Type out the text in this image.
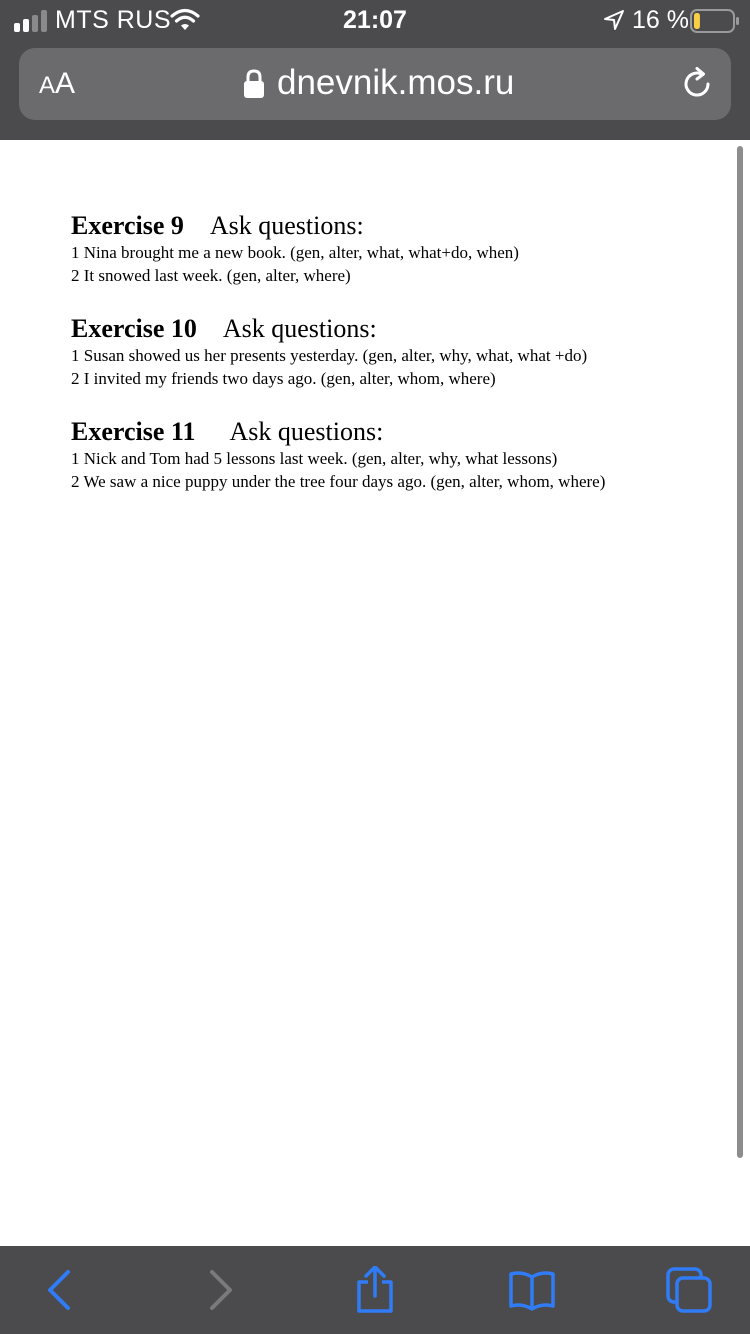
MTS RUS	21:07	16 %
AA	dnevnik.mos.ru
Exercise 9 Ask questions:
1 Nina brought me a new book. (gen, alter, what, what+do, when)
2 It snowed last week. (gen, alter, where)
Exercise 10 Ask questions:
1 Susan showed us her presents yesterday. (gen, alter, why, what, what +do)
2 I invited my friends two days ago. (gen, alter, whom, where)
Exercise 11 Ask questions:
1 Nick and Tom had 5 lessons last week. (gen, alter, why, what lessons)
2 We saw a nice puppy under the tree four days ago. (gen, alter, whom, where)
